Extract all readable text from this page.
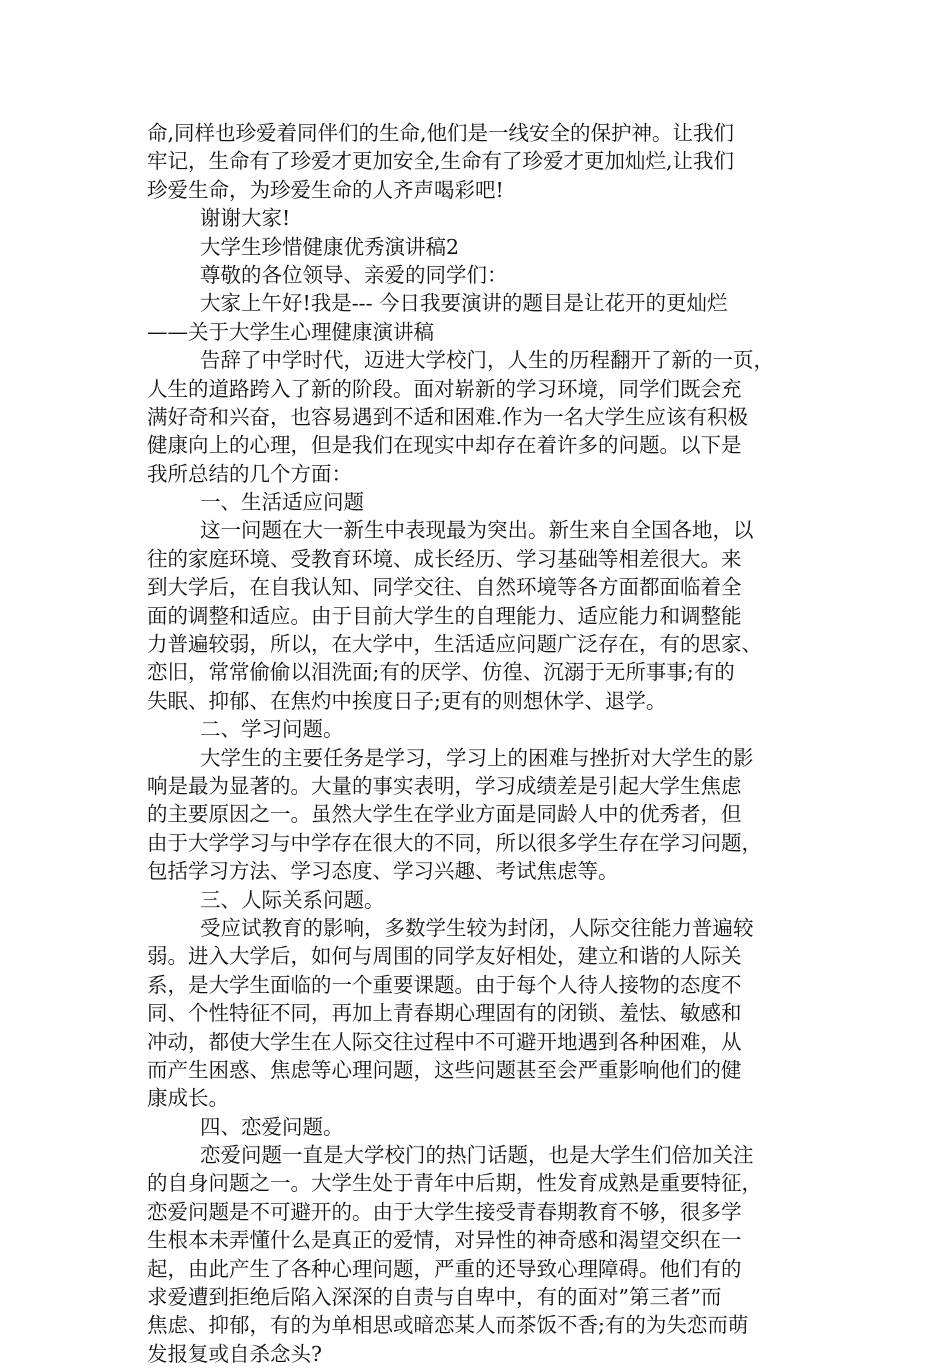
命,同样也珍爱着同伴们的生命,他们是一线安全的保护神。让我们
牢记，生命有了珍爱才更加安全,生命有了珍爱才更加灿烂,让我们
珍爱生命，为珍爱生命的人齐声喝彩吧!
谢谢大家!
大学生珍惜健康优秀演讲稿2
尊敬的各位领导、亲爱的同学们：
大家上午好!我是--- 今日我要演讲的题目是让花开的更灿烂
——关于大学生心理健康演讲稿
告辞了中学时代，迈进大学校门，人生的历程翻开了新的一页，
人生的道路跨入了新的阶段。面对崭新的学习环境，同学们既会充
满好奇和兴奋，也容易遇到不适和困难.作为一名大学生应该有积极
健康向上的心理，但是我们在现实中却存在着许多的问题。以下是
我所总结的几个方面：
一、生活适应问题
这一问题在大一新生中表现最为突出。新生来自全国各地，以
往的家庭环境、受教育环境、成长经历、学习基础等相差很大。来
到大学后，在自我认知、同学交往、自然环境等各方面都面临着全
面的调整和适应。由于目前大学生的自理能力、适应能力和调整能
力普遍较弱，所以，在大学中，生活适应问题广泛存在，有的思家、
恋旧，常常偷偷以泪洗面;有的厌学、仿徨、沉溺于无所事事;有的
失眠、抑郁、在焦灼中挨度日子;更有的则想休学、退学。
二、学习问题。
大学生的主要任务是学习，学习上的困难与挫折对大学生的影
响是最为显著的。大量的事实表明，学习成绩差是引起大学生焦虑
的主要原因之一。虽然大学生在学业方面是同龄人中的优秀者，但
由于大学学习与中学存在很大的不同，所以很多学生存在学习问题，
包括学习方法、学习态度、学习兴趣、考试焦虑等。
三、人际关系问题。
受应试教育的影响，多数学生较为封闭，人际交往能力普遍较
弱。进入大学后，如何与周围的同学友好相处，建立和谐的人际关
系，是大学生面临的一个重要课题。由于每个人待人接物的态度不
同、个性特征不同，再加上青春期心理固有的闭锁、羞怯、敏感和
冲动，都使大学生在人际交往过程中不可避开地遇到各种困难，从
而产生困惑、焦虑等心理问题，这些问题甚至会严重影响他们的健
康成长。
四、恋爱问题。
恋爱问题一直是大学校门的热门话题，也是大学生们倍加关注
的自身问题之一。大学生处于青年中后期，性发育成熟是重要特征，
恋爱问题是不可避开的。由于大学生接受青春期教育不够，很多学
生根本未弄懂什么是真正的爱情，对异性的神奇感和渴望交织在一
起，由此产生了各种心理问题，严重的还导致心理障碍。他们有的
求爱遭到拒绝后陷入深深的自责与自卑中，有的面对”第三者”而
焦虑、抑郁，有的为单相思或暗恋某人而茶饭不香;有的为失恋而萌
发报复或自杀念头?
